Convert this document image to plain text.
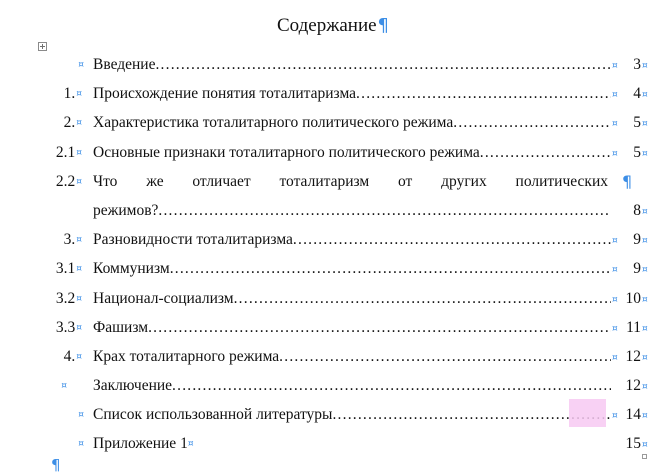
Содержание¶
¤ Введение .....	¤	3 ¤
1.¤ Происхождение понятия тоталитаризма .....	¤	4 ¤
2.¤ Характеристика тоталитарного политического режима .....	¤	5 ¤
2.1¤ Основные признаки тоталитарного политического режима .....	¤	5 ¤
2.2¤ Что же отличает тоталитаризм от других политических ¶
режимов? .....	8 ¤
3.¤ Разновидности тоталитаризма .....	¤	9 ¤
3.1¤ Коммунизм .....	¤	9 ¤
3.2¤ Национал-социализм .....	¤ 10 ¤
3.3¤ Фашизм .....	¤ 11 ¤
4.¤ Крах тоталитарного режима .....	¤ 12 ¤
¤ Заключение .....	12 ¤
¤ Список использованной литературы .....	¤ 14 ¤
¤ Приложение 1¤	15 ¤
¶
